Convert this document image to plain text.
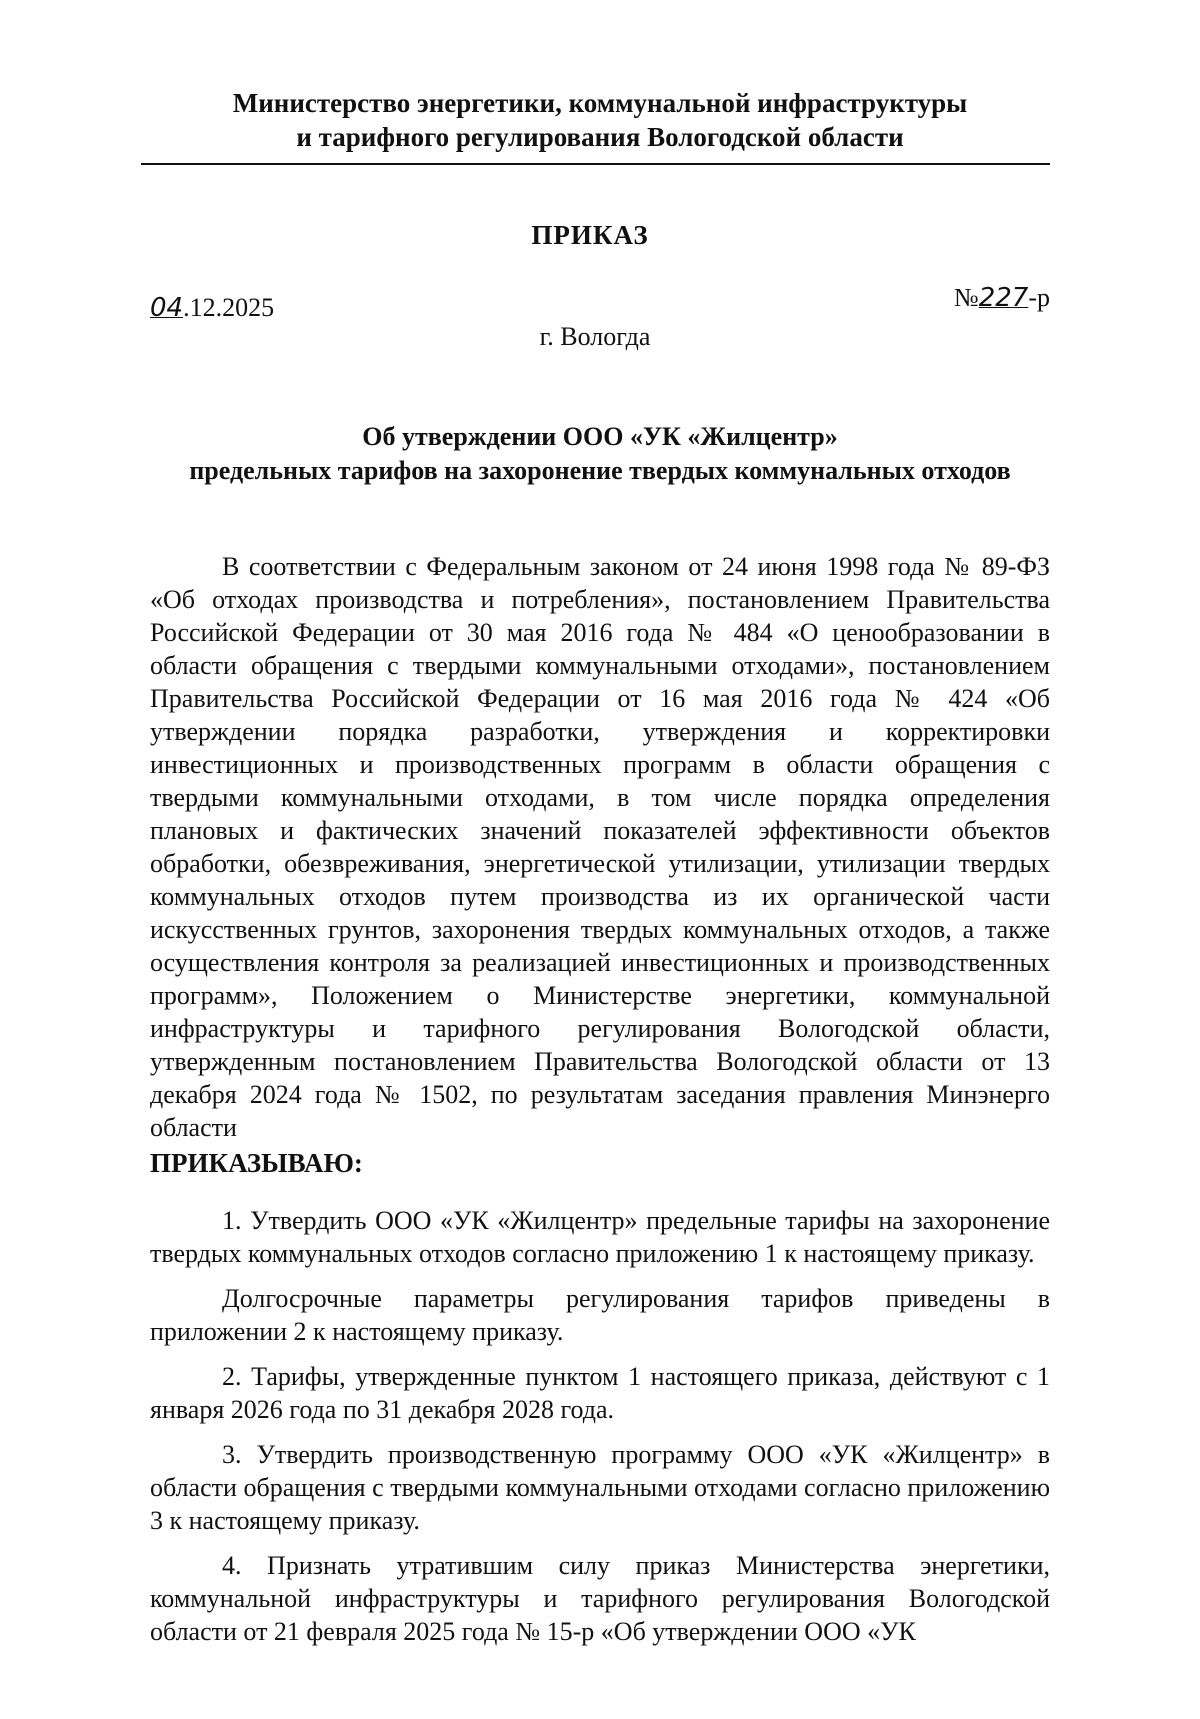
Министерство энергетики, коммунальной инфраструктуры
и тарифного регулирования Вологодской области
ПРИКАЗ
04.12.2025	№227-р
г. Вологда
Об утверждении ООО «УК «Жилцентр»
предельных тарифов на захоронение твердых коммунальных отходов

В соответствии с Федеральным законом от 24 июня 1998 года № 89-ФЗ «Об отходах производства и потребления», постановлением Правительства Российской Федерации от 30 мая 2016 года № 484 «О ценообразовании в области обращения с твердыми коммунальными отходами», постановлением Правительства Российской Федерации от 16 мая 2016 года № 424 «Об утверждении порядка разработки, утверждения и корректировки инвестиционных и производственных программ в области обращения с твердыми коммунальными отходами, в том числе порядка определения плановых и фактических значений показателей эффективности объектов обработки, обезвреживания, энергетической утилизации, утилизации твердых коммунальных отходов путем производства из их органической части искусственных грунтов, захоронения твердых коммунальных отходов, а также осуществления контроля за реализацией инвестиционных и производственных программ», Положением о Министерстве энергетики, коммунальной инфраструктуры и тарифного регулирования Вологодской области, утвержденным постановлением Правительства Вологодской области от 13 декабря 2024 года № 1502, по результатам заседания правления Минэнерго области

ПРИКАЗЫВАЮ:

1. Утвердить ООО «УК «Жилцентр» предельные тарифы на захоронение твердых коммунальных отходов согласно приложению 1 к настоящему приказу.

Долгосрочные параметры регулирования тарифов приведены в приложении 2 к настоящему приказу.

2. Тарифы, утвержденные пунктом 1 настоящего приказа, действуют с 1 января 2026 года по 31 декабря 2028 года.

3. Утвердить производственную программу ООО «УК «Жилцентр» в области обращения с твердыми коммунальными отходами согласно приложению 3 к настоящему приказу.

4. Признать утратившим силу приказ Министерства энергетики, коммунальной инфраструктуры и тарифного регулирования Вологодской области от 21 февраля 2025 года № 15-р «Об утверждении ООО «УК
